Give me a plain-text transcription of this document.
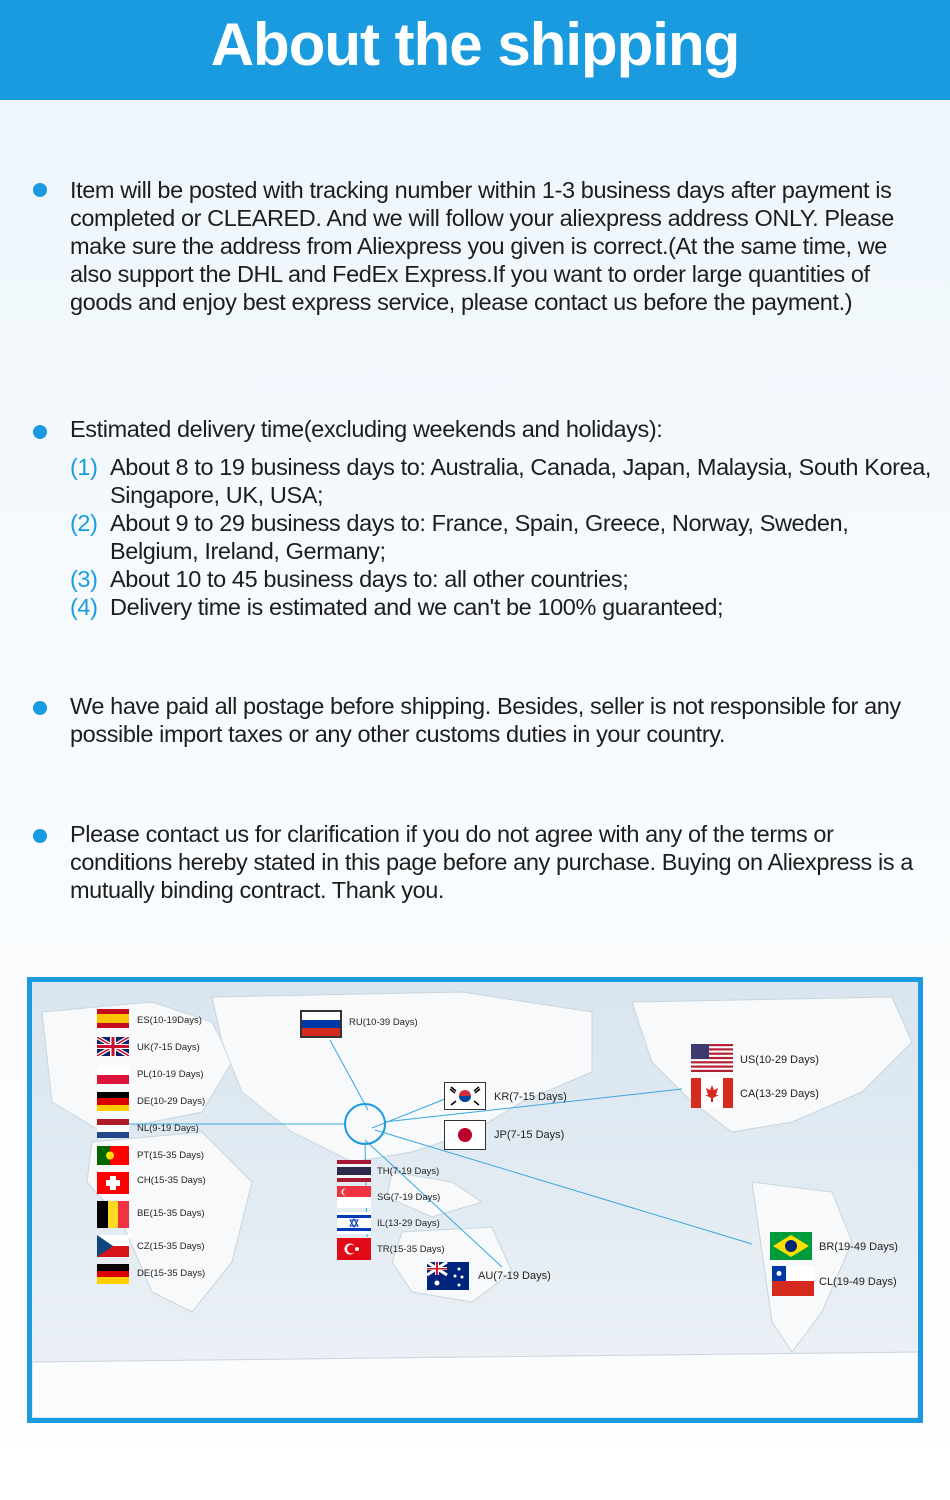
About the shipping
Item will be posted with tracking number within 1-3 business days after payment is completed or CLEARED. And we will follow your aliexpress address ONLY. Please make sure the address from Aliexpress you given is correct.(At the same time, we also support the DHL and FedEx Express.If you want to order large quantities of goods and enjoy best express service, please contact us before the payment.)
Estimated delivery time(excluding weekends and holidays):
(1) About 8 to 19 business days to: Australia, Canada, Japan, Malaysia, South Korea, Singapore, UK, USA;
(2) About 9 to 29 business days to: France, Spain, Greece, Norway, Sweden, Belgium, Ireland, Germany;
(3) About 10 to 45 business days to: all other countries;
(4) Delivery time is estimated and we can't be 100% guaranteed;
We have paid all postage before shipping. Besides, seller is not responsible for any possible import taxes or any other customs duties in your country.
Please contact us for clarification if you do not agree with any of the terms or conditions hereby stated in this page before any purchase. Buying on Aliexpress is a mutually binding contract. Thank you.
ES(10-19Days)
UK(7-15 Days)
PL(10-19 Days)
DE(10-29 Days)
NL(9-19 Days)
PT(15-35 Days)
CH(15-35 Days)
BE(15-35 Days)
CZ(15-35 Days)
DE(15-35 Days)
RU(10-39 Days)
KR(7-15 Days)
JP(7-15 Days)
TH(7-19 Days)
SG(7-19 Days)
IL(13-29 Days)
TR(15-35 Days)
AU(7-19 Days)
US(10-29 Days)
CA(13-29 Days)
BR(19-49 Days)
CL(19-49 Days)
